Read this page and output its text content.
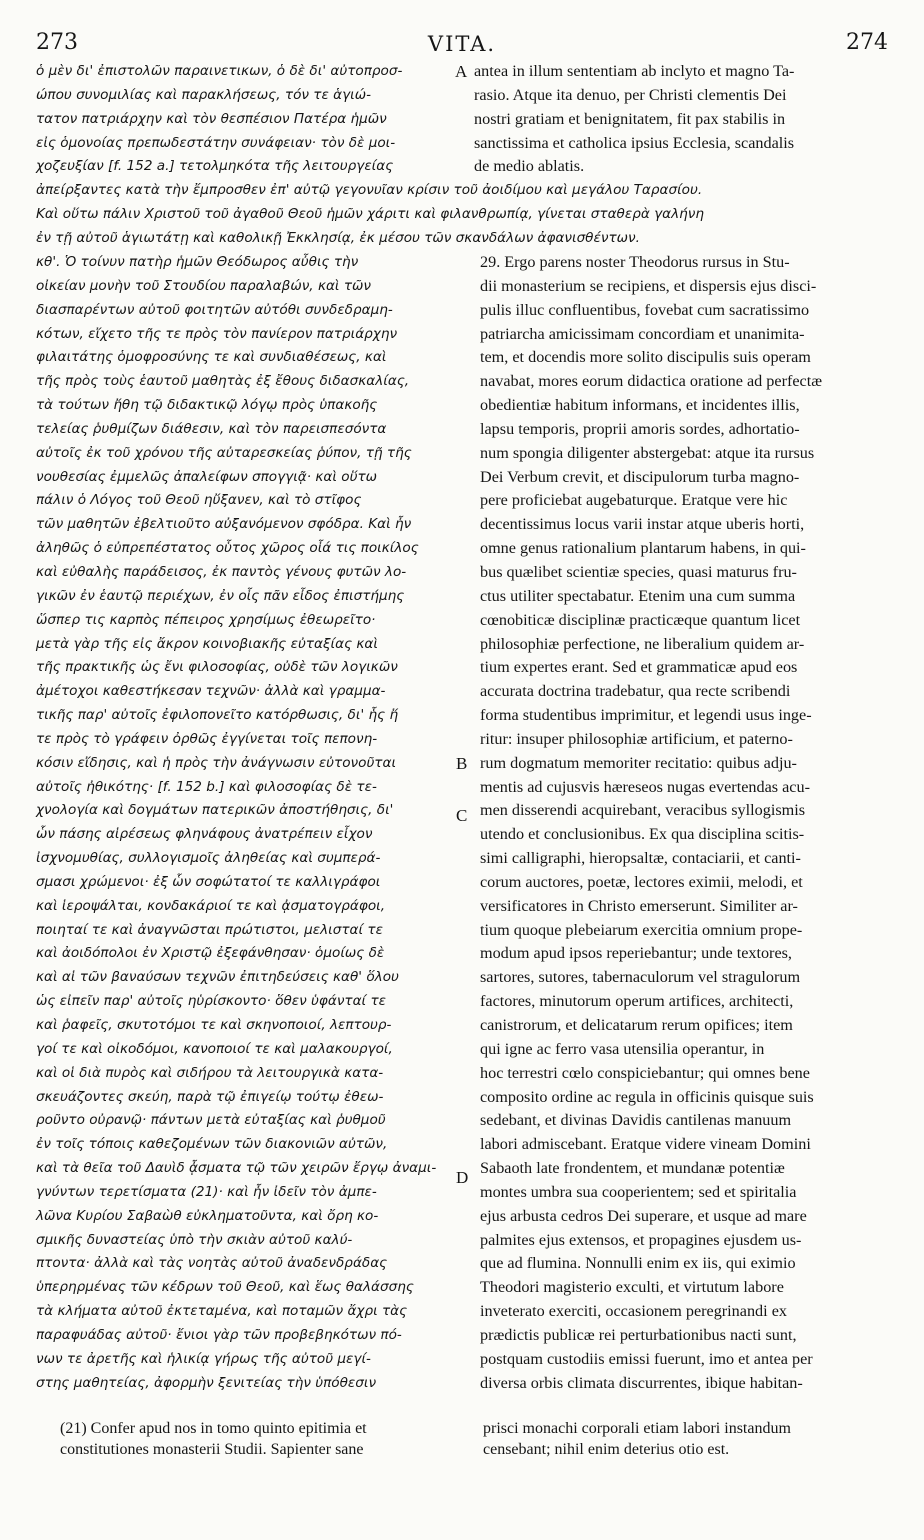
273	VITA.	274
A
B
C
D

ὁ μὲν δι' ἐπιστολῶν παραινετικων, ὁ δὲ δι' αὐτοπροσ-

ώπου συνομιλίας καὶ παρακλήσεως, τόν τε ἁγιώ-

τατον πατριάρχην καὶ τὸν θεσπέσιον Πατέρα ἡμῶν

εἰς ὁμονοίας πρεπωδεστάτην συνάφειαν· τὸν δὲ μοι-

χοζευξίαν [f. 152 a.] τετολμηκότα τῆς λειτουργείας

antea in illum sententiam ab inclyto et magno Ta-

rasio. Atque ita denuo, per Christi clementis Dei

nostri gratiam et benignitatem, fit pax stabilis in

sanctissima et catholica ipsius Ecclesia, scandalis

de medio ablatis.

ἀπείρξαντες κατὰ τὴν ἔμπροσθεν ἐπ' αὐτῷ γεγονυῖαν κρίσιν τοῦ ἀοιδίμου καὶ μεγάλου Ταρασίου.

Καὶ οὕτω πάλιν Χριστοῦ τοῦ ἀγαθοῦ Θεοῦ ἡμῶν χάριτι καὶ φιλανθρωπίᾳ, γίνεται σταθερὰ γαλήνη

ἐν τῇ αὐτοῦ ἁγιωτάτῃ καὶ καθολικῇ Ἐκκλησίᾳ, ἐκ μέσου τῶν σκανδάλων ἀφανισθέντων.

κθ'. Ὁ τοίνυν πατὴρ ἡμῶν Θεόδωρος αὖθις τὴν

οἰκείαν μονὴν τοῦ Στουδίου παραλαβών, καὶ τῶν

διασπαρέντων αὐτοῦ φοιτητῶν αὐτόθι συνδεδραμη-

κότων, εἴχετο τῆς τε πρὸς τὸν πανίερον πατριάρχην

φιλαιτάτης ὁμοφροσύνης τε καὶ συνδιαθέσεως, καὶ

τῆς πρὸς τοὺς ἑαυτοῦ μαθητὰς ἐξ ἔθους διδασκαλίας,

τὰ τούτων ἤθη τῷ διδακτικῷ λόγῳ πρὸς ὑπακοῆς

τελείας ῥυθμίζων διάθεσιν, καὶ τὸν παρεισπεσόντα

αὐτοῖς ἐκ τοῦ χρόνου τῆς αὐταρεσκείας ῥύπον, τῇ τῆς

νουθεσίας ἐμμελῶς ἀπαλείφων σπογγιᾷ· καὶ οὕτω

πάλιν ὁ Λόγος τοῦ Θεοῦ ηὔξανεν, καὶ τὸ στῖφος

τῶν μαθητῶν ἐβελτιοῦτο αὐξανόμενον σφόδρα. Καὶ ἦν

ἀληθῶς ὁ εὐπρεπέστατος οὗτος χῶρος οἷά τις ποικίλος

καὶ εὐθαλὴς παράδεισος, ἐκ παντὸς γένους φυτῶν λο-

γικῶν ἐν ἑαυτῷ περιέχων, ἐν οἷς πᾶν εἶδος ἐπιστήμης

ὥσπερ τις καρπὸς πέπειρος χρησίμως ἐθεωρεῖτο·

μετὰ γὰρ τῆς εἰς ἄκρον κοινοβιακῆς εὐταξίας καὶ

τῆς πρακτικῆς ὡς ἔνι φιλοσοφίας, οὐδὲ τῶν λογικῶν

ἀμέτοχοι καθεστήκεσαν τεχνῶν· ἀλλὰ καὶ γραμμα-

τικῆς παρ' αὐτοῖς ἐφιλοπονεῖτο κατόρθωσις, δι' ἧς ἥ

τε πρὸς τὸ γράφειν ὀρθῶς ἐγγίνεται τοῖς πεπονη-

κόσιν εἴδησις, καὶ ἡ πρὸς τὴν ἀνάγνωσιν εὐτονοῦται

αὐτοῖς ἠθικότης· [f. 152 b.] καὶ φιλοσοφίας δὲ τε-

χνολογία καὶ δογμάτων πατερικῶν ἀποστήθησις, δι'

ὧν πάσης αἱρέσεως φληνάφους ἀνατρέπειν εἶχον

ἰσχνομυθίας, συλλογισμοῖς ἀληθείας καὶ συμπερά-

σμασι χρώμενοι· ἐξ ὧν σοφώτατοί τε καλλιγράφοι

καὶ ἱεροψάλται, κονδακάριοί τε καὶ ᾀσματογράφοι,

ποιηταί τε καὶ ἀναγνῶσται πρώτιστοι, μελισταί τε

καὶ ἀοιδόπολοι ἐν Χριστῷ ἐξεφάνθησαν· ὁμοίως δὲ

καὶ αἱ τῶν βαναύσων τεχνῶν ἐπιτηδεύσεις καθ' ὅλου

ὡς εἰπεῖν παρ' αὐτοῖς ηὑρίσκοντο· ὅθεν ὑφάνταί τε

καὶ ῥαφεῖς, σκυτοτόμοι τε καὶ σκηνοποιοί, λεπτουρ-

γοί τε καὶ οἰκοδόμοι, κανοποιοί τε καὶ μαλακουργοί,

καὶ οἱ διὰ πυρὸς καὶ σιδήρου τὰ λειτουργικὰ κατα-

σκευάζοντες σκεύη, παρὰ τῷ ἐπιγείῳ τούτῳ ἐθεω-

ροῦντο οὐρανῷ· πάντων μετὰ εὐταξίας καὶ ῥυθμοῦ

ἐν τοῖς τόποις καθεζομένων τῶν διακονιῶν αὐτῶν,

καὶ τὰ θεῖα τοῦ Δαυὶδ ᾆσματα τῷ τῶν χειρῶν ἔργῳ ἀναμι-

γνύντων τερετίσματα (21)· καὶ ἦν ἰδεῖν τὸν ἀμπε-

λῶνα Κυρίου Σαβαὼθ εὐκληματοῦντα, καὶ ὄρη κο-

σμικῆς δυναστείας ὑπὸ τὴν σκιὰν αὐτοῦ καλύ-

πτοντα· ἀλλὰ καὶ τὰς νοητὰς αὐτοῦ ἀναδενδράδας

ὑπερηρμένας τῶν κέδρων τοῦ Θεοῦ, καὶ ἕως θαλάσσης

τὰ κλήματα αὐτοῦ ἐκτεταμένα, καὶ ποταμῶν ἄχρι τὰς

παραφυάδας αὐτοῦ· ἔνιοι γὰρ τῶν προβεβηκότων πό-

νων τε ἀρετῆς καὶ ἡλικίᾳ γήρως τῆς αὐτοῦ μεγί-

στης μαθητείας, ἀφορμὴν ξενιτείας τὴν ὑπόθεσιν

29. Ergo parens noster Theodorus rursus in Stu-

dii monasterium se recipiens, et dispersis ejus disci-

pulis illuc confluentibus, fovebat cum sacratissimo

patriarcha amicissimam concordiam et unanimita-

tem, et docendis more solito discipulis suis operam

navabat, mores eorum didactica oratione ad perfectæ

obedientiæ habitum informans, et incidentes illis,

lapsu temporis, proprii amoris sordes, adhortatio-

num spongia diligenter abstergebat: atque ita rursus

Dei Verbum crevit, et discipulorum turba magno-

pere proficiebat augebaturque. Eratque vere hic

decentissimus locus varii instar atque uberis horti,

omne genus rationalium plantarum habens, in qui-

bus quælibet scientiæ species, quasi maturus fru-

ctus utiliter spectabatur. Etenim una cum summa

cœnobiticæ disciplinæ practicæque quantum licet

philosophiæ perfectione, ne liberalium quidem ar-

tium expertes erant. Sed et grammaticæ apud eos

accurata doctrina tradebatur, qua recte scribendi

forma studentibus imprimitur, et legendi usus inge-

ritur: insuper philosophiæ artificium, et paterno-

rum dogmatum memoriter recitatio: quibus adju-

mentis ad cujusvis hæreseos nugas evertendas acu-

men disserendi acquirebant, veracibus syllogismis

utendo et conclusionibus. Ex qua disciplina scitis-

simi calligraphi, hieropsaltæ, contaciarii, et canti-

corum auctores, poetæ, lectores eximii, melodi, et

versificatores in Christo emerserunt. Similiter ar-

tium quoque plebeiarum exercitia omnium prope-

modum apud ipsos reperiebantur; unde textores,

sartores, sutores, tabernaculorum vel stragulorum

factores, minutorum operum artifices, architecti,

canistrorum, et delicatarum rerum opifices; item

qui igne ac ferro vasa utensilia operantur, in

hoc terrestri cœlo conspiciebantur; qui omnes bene

composito ordine ac regula in officinis quisque suis

sedebant, et divinas Davidis cantilenas manuum

labori admiscebant. Eratque videre vineam Domini

Sabaoth late frondentem, et mundanæ potentiæ

montes umbra sua cooperientem; sed et spiritalia

ejus arbusta cedros Dei superare, et usque ad mare

palmites ejus extensos, et propagines ejusdem us-

que ad flumina. Nonnulli enim ex iis, qui eximio

Theodori magisterio exculti, et virtutum labore

inveterato exerciti, occasionem peregrinandi ex

prædictis publicæ rei perturbationibus nacti sunt,

postquam custodiis emissi fuerunt, imo et antea per

diversa orbis climata discurrentes, ibique habitan-

(21) Confer apud nos in tomo quinto epitimia et

constitutiones monasterii Studii. Sapienter sane

prisci monachi corporali etiam labori instandum

censebant; nihil enim deterius otio est.
